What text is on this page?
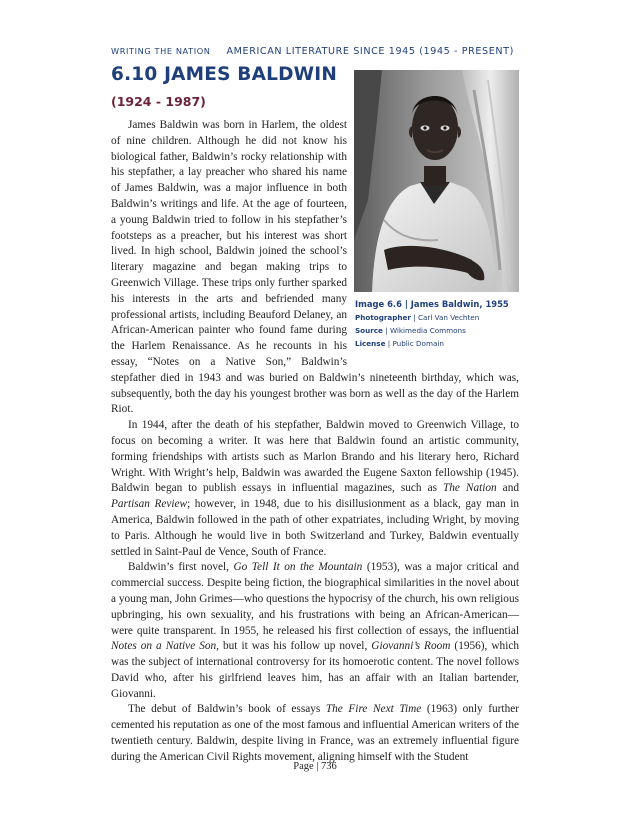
WRITING THE NATION AMERICAN LITERATURE SINCE 1945 (1945 - PRESENT)
6.10 JAMES BALDWIN
(1924 - 1987)
Image 6.6 | James Baldwin, 1955
Photographer | Carl Van Vechten
Source | Wikimedia Commons
License | Public Domain

James Baldwin was born in Harlem, the oldest of nine children. Although he did not know his biological father, Baldwin’s rocky relationship with his stepfather, a lay preacher who shared his name of James Baldwin, was a major influence in both Baldwin’s writings and life. At the age of fourteen, a young Baldwin tried to follow in his stepfather’s footsteps as a preacher, but his interest was short lived. In high school, Baldwin joined the school’s literary magazine and began making trips to Greenwich Village. These trips only further sparked his interests in the arts and befriended many professional artists, including Beauford Delaney, an African-American painter who found fame during the Harlem Renaissance. As he recounts in his essay, “Notes on a Native Son,” Baldwin’s stepfather died in 1943 and was buried on Baldwin’s nineteenth birthday, which was, subsequently, both the day his youngest brother was born as well as the day of the Harlem Riot.

In 1944, after the death of his stepfather, Baldwin moved to Greenwich Village, to focus on becoming a writer. It was here that Baldwin found an artistic community, forming friendships with artists such as Marlon Brando and his literary hero, Richard Wright. With Wright’s help, Baldwin was awarded the Eugene Saxton fellowship (1945). Baldwin began to publish essays in influential magazines, such as The Nation and Partisan Review; however, in 1948, due to his disillusionment as a black, gay man in America, Baldwin followed in the path of other expatriates, including Wright, by moving to Paris. Although he would live in both Switzerland and Turkey, Baldwin eventually settled in Saint-Paul de Vence, South of France.

Baldwin’s first novel, Go Tell It on the Mountain (1953), was a major critical and commercial success. Despite being fiction, the biographical similarities in the novel about a young man, John Grimes—who questions the hypocrisy of the church, his own religious upbringing, his own sexuality, and his frustrations with being an African-American—were quite transparent. In 1955, he released his first collection of essays, the influential Notes on a Native Son, but it was his follow up novel, Giovanni’s Room (1956), which was the subject of international controversy for its homoerotic content. The novel follows David who, after his girlfriend leaves him, has an affair with an Italian bartender, Giovanni.

The debut of Baldwin’s book of essays The Fire Next Time (1963) only further cemented his reputation as one of the most famous and influential American writers of the twentieth century. Baldwin, despite living in France, was an extremely influential figure during the American Civil Rights movement, aligning himself with the Student

Page | 736
